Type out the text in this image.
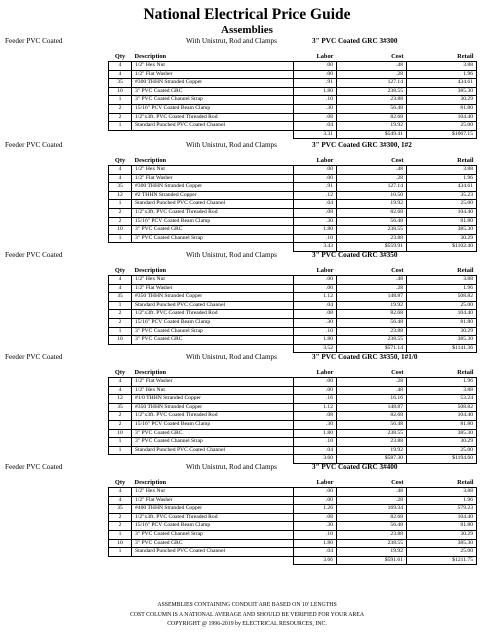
National Electrical Price Guide
Assemblies
Feeder PVC Coated	With Unistrut, Rod and Clamps	3" PVC Coated GRC 3#300
Qty	Description	Labor	Cost	Retail
4	1/2" Hex Nut	.00	.48	3.88
4	1/2" Flat Washer	.00	.28	1.96
35	#300 THHN Stranded Copper	.91	127.14	434.61
10	3" PVC Coated GRC	1.80	238.55	385.30
1	3" PVC Coated Channel Strap	.10	23.88	30.29
2	15/16" PCV Coated Beam Clamp	.30	56.48	81.80
2	1/2"x3ft. PVC Coated Threaded Rod	.08	82.68	104.40
1	Standard Punched PVC Coated Channel	.04	19.92	25.00
		3.31	$549.41	$1067.15
Feeder PVC Coated	With Unistrut, Rod and Clamps	3" PVC Coated GRC 3#300, 1#2
Qty	Description	Labor	Cost	Retail
4	1/2" Hex Nut	.00	.48	3.88
4	1/2" Flat Washer	.00	.28	1.96
35	#300 THHN Stranded Copper	.91	127.14	434.61
12	#2 THHN Stranded Copper	.12	10.50	35.23
1	Standard Punched PVC Coated Channel	.04	19.92	25.00
2	1/2"x3ft. PVC Coated Threaded Rod	.08	82.68	104.40
2	15/16" PCV Coated Beam Clamp	.30	56.48	81.80
10	3" PVC Coated GRC	1.80	238.55	385.30
1	3" PVC Coated Channel Strap	.10	23.88	30.29
		3.43	$559.91	$1102.40
Feeder PVC Coated	With Unistrut, Rod and Clamps	3" PVC Coated GRC 3#350
Qty	Description	Labor	Cost	Retail
4	1/2" Hex Nut	.00	.48	3.88
4	1/2" Flat Washer	.00	.28	1.96
35	#350 THHN Stranded Copper	1.12	148.87	508.82
1	Standard Punched PVC Coated Channel	.04	19.92	25.00
2	1/2"x3ft. PVC Coated Threaded Rod	.08	82.68	104.40
2	15/16" PCV Coated Beam Clamp	.30	56.48	81.80
1	3" PVC Coated Channel Strap	.10	23.88	30.29
10	3" PVC Coated GRC	1.80	238.55	385.30
		3.52	$571.14	$1141.36
Feeder PVC Coated	With Unistrut, Rod and Clamps	3" PVC Coated GRC 3#350, 1#1/0
Qty	Description	Labor	Cost	Retail
4	1/2" Flat Washer	.00	.28	1.96
4	1/2" Hex Nut	.00	.48	3.88
12	#1/0 THHN Stranded Copper	.16	16.16	53.24
35	#350 THHN Stranded Copper	1.12	148.87	508.82
2	1/2"x3ft. PVC Coated Threaded Rod	.08	82.68	104.40
2	15/16" PCV Coated Beam Clamp	.30	56.48	81.80
10	3" PVC Coated GRC	1.80	238.55	385.30
1	3" PVC Coated Channel Strap	.10	23.88	30.29
1	Standard Punched PVC Coated Channel	.04	19.92	25.00
		3.60	$587.30	$1194.60
Feeder PVC Coated	With Unistrut, Rod and Clamps	3" PVC Coated GRC 3#400
Qty	Description	Labor	Cost	Retail
4	1/2" Hex Nut	.00	.48	3.88
4	1/2" Flat Washer	.00	.28	1.96
35	#400 THHN Stranded Copper	1.26	169.34	579.23
2	1/2"x3ft. PVC Coated Threaded Rod	.08	82.68	104.40
2	15/16" PCV Coated Beam Clamp	.30	56.48	81.80
1	3" PVC Coated Channel Strap	.10	23.88	30.29
10	3" PVC Coated GRC	1.80	238.55	385.30
1	Standard Punched PVC Coated Channel	.04	19.92	25.00
		3.66	$591.61	$1211.75
ASSEMBLIES CONTAINING CONDUIT ARE BASED ON 10' LENGTHS
COST COLUMN IS A NATIONAL AVERAGE AND SHOULD BE VERIFIED FOR YOUR AREA
COPYRIGHT @ 1996-2019 by ELECTRICAL RESOURCES, INC.
